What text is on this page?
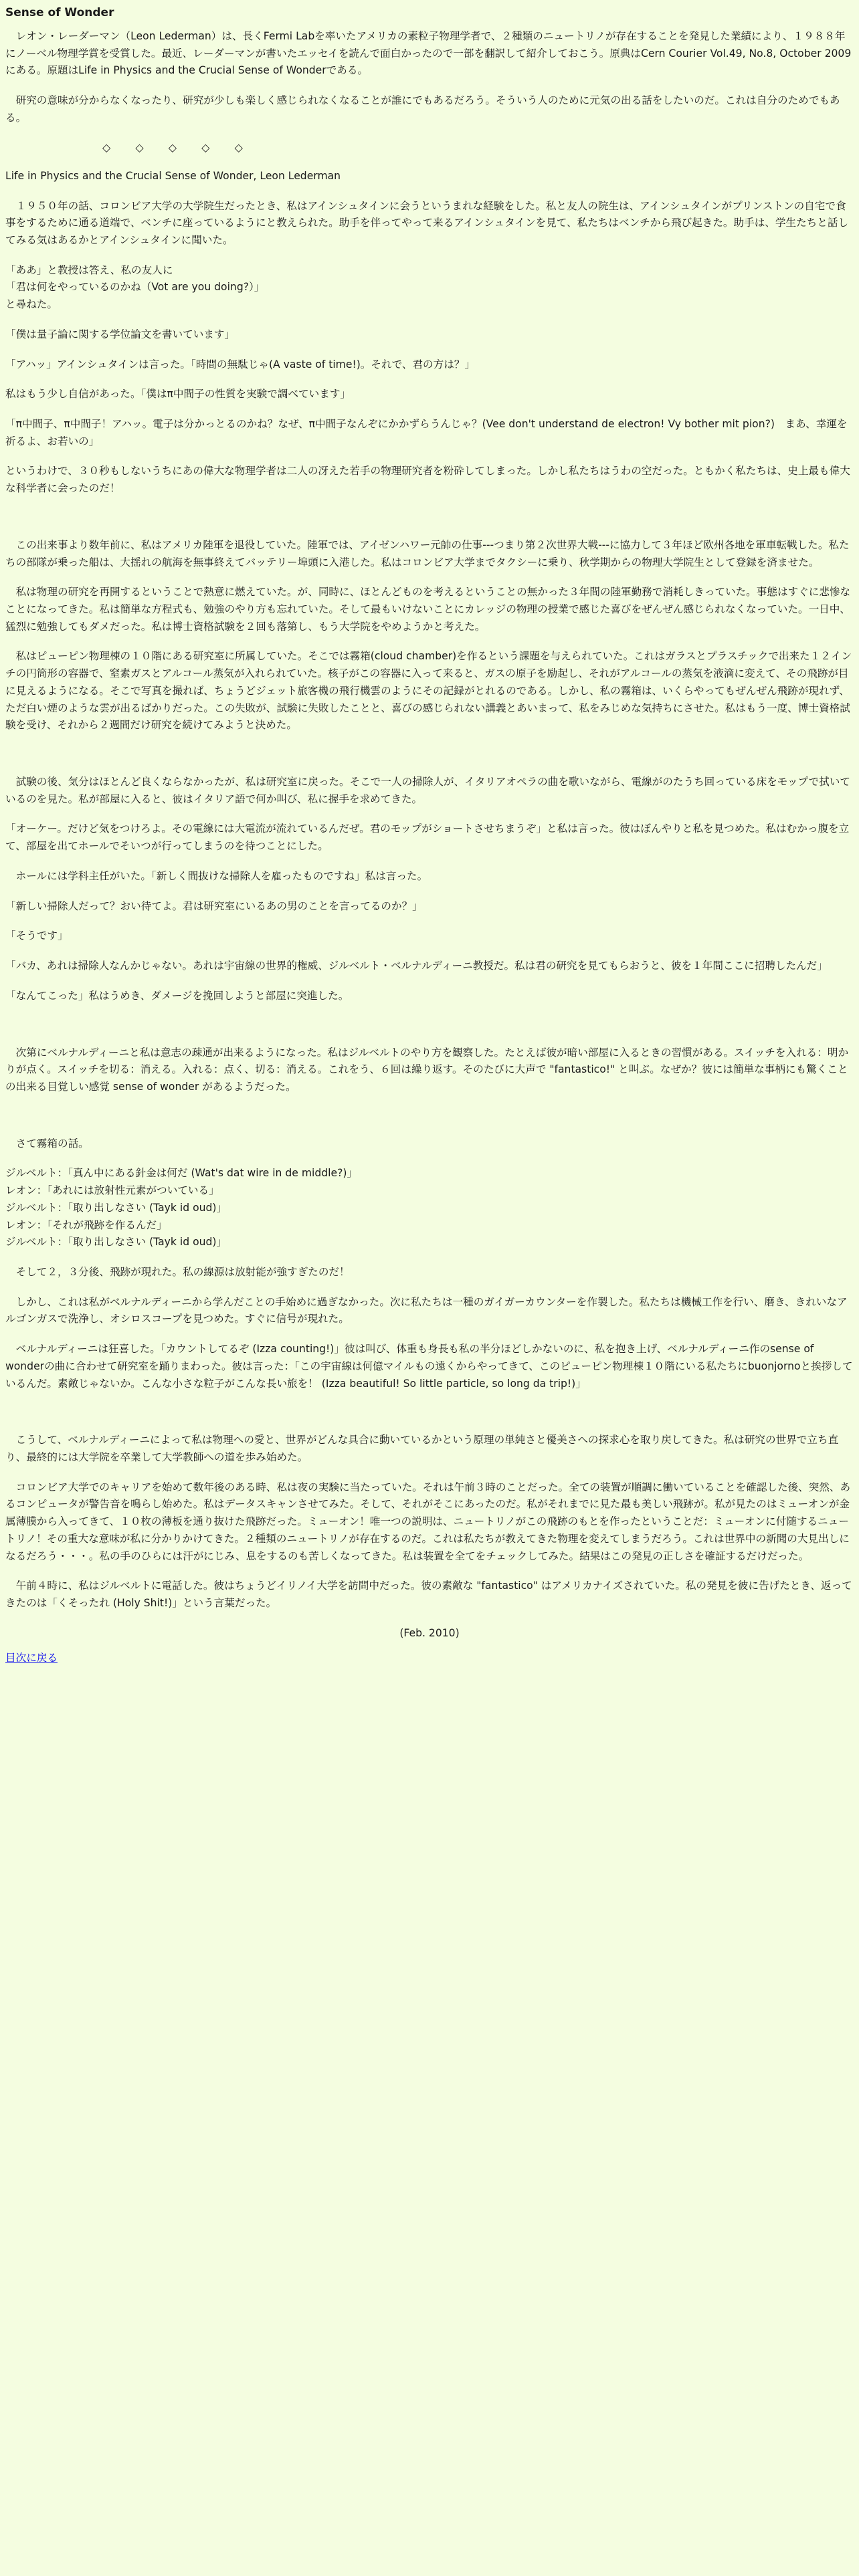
Sense of Wonder

　レオン・レーダーマン（Leon Lederman）は、長くFermi Labを率いたアメリカの素粒子物理学者で、２種類のニュートリノが存在することを発見した業績により、１９８８年にノーベル物理学賞を受賞した。最近、レーダーマンが書いたエッセイを読んで面白かったので一部を翻訳して紹介しておこう。原典はCern Courier Vol.49, No.8, October 2009にある。原題はLife in Physics and the Crucial Sense of Wonderである。

　研究の意味が分からなくなったり、研究が少しも楽しく感じられなくなることが誰にでもあるだろう。そういう人のために元気の出る話をしたいのだ。これは自分のためでもある。

◇ ◇ ◇ ◇ ◇

Life in Physics and the Crucial Sense of Wonder, Leon Lederman

　１９５０年の話、コロンビア大学の大学院生だったとき、私はアインシュタインに会うというまれな経験をした。私と友人の院生は、アインシュタインがプリンストンの自宅で食事をするために通る道端で、ベンチに座っているようにと教えられた。助手を伴ってやって来るアインシュタインを見て、私たちはベンチから飛び起きた。助手は、学生たちと話してみる気はあるかとアインシュタインに聞いた。

「ああ」と教授は答え、私の友人に
「君は何をやっているのかね（Vot are you doing?）」
と尋ねた。

「僕は量子論に関する学位論文を書いています」

「アハッ」アインシュタインは言った。「時間の無駄じゃ(A vaste of time!)。それで、君の方は？」

私はもう少し自信があった。「僕はπ中間子の性質を実験で調べています」

「π中間子、π中間子！アハッ。電子は分かっとるのかね？なぜ、π中間子なんぞにかかずらうんじゃ？(Vee don't understand de electron! Vy bother mit pion?)　まあ、幸運を祈るよ、お若いの」

というわけで、３０秒もしないうちにあの偉大な物理学者は二人の冴えた若手の物理研究者を粉砕してしまった。しかし私たちはうわの空だった。ともかく私たちは、史上最も偉大な科学者に会ったのだ！

　この出来事より数年前に、私はアメリカ陸軍を退役していた。陸軍では、アイゼンハワー元帥の仕事---つまり第２次世界大戦---に協力して３年ほど欧州各地を軍車転戦した。私たちの部隊が乗った船は、大揺れの航海を無事終えてバッテリー埠頭に入港した。私はコロンビア大学までタクシーに乗り、秋学期からの物理大学院生として登録を済ませた。

　私は物理の研究を再開するということで熱意に燃えていた。が、同時に、ほとんどものを考えるということの無かった３年間の陸軍勤務で消耗しきっていた。事態はすぐに悲惨なことになってきた。私は簡単な方程式も、勉強のやり方も忘れていた。そして最もいけないことにカレッジの物理の授業で感じた喜びをぜんぜん感じられなくなっていた。一日中、猛烈に勉強してもダメだった。私は博士資格試験を２回も落第し、もう大学院をやめようかと考えた。

　私はピューピン物理棟の１０階にある研究室に所属していた。そこでは霧箱(cloud chamber)を作るという課題を与えられていた。これはガラスとプラスチックで出来た１２インチの円筒形の容器で、窒素ガスとアルコール蒸気が入れられていた。核子がこの容器に入って来ると、ガスの原子を励起し、それがアルコールの蒸気を液滴に変えて、その飛跡が目に見えるようになる。そこで写真を撮れば、ちょうどジェット旅客機の飛行機雲のようにその記録がとれるのである。しかし、私の霧箱は、いくらやってもぜんぜん飛跡が現れず、ただ白い煙のような雲が出るばかりだった。この失敗が、試験に失敗したことと、喜びの感じられない講義とあいまって、私をみじめな気持ちにさせた。私はもう一度、博士資格試験を受け、それから２週間だけ研究を続けてみようと決めた。

　試験の後、気分はほとんど良くならなかったが、私は研究室に戻った。そこで一人の掃除人が、イタリアオペラの曲を歌いながら、電線がのたうち回っている床をモップで拭いているのを見た。私が部屋に入ると、彼はイタリア語で何か叫び、私に握手を求めてきた。

「オーケー。だけど気をつけろよ。その電線には大電流が流れているんだぜ。君のモップがショートさせちまうぞ」と私は言った。彼はぼんやりと私を見つめた。私はむかっ腹を立て、部屋を出てホールでそいつが行ってしまうのを待つことにした。

　ホールには学科主任がいた。「新しく間抜けな掃除人を雇ったものですね」私は言った。

「新しい掃除人だって？おい待てよ。君は研究室にいるあの男のことを言ってるのか？」

「そうです」

「バカ、あれは掃除人なんかじゃない。あれは宇宙線の世界的権威、ジルベルト・ベルナルディーニ教授だ。私は君の研究を見てもらおうと、彼を１年間ここに招聘したんだ」

「なんてこった」私はうめき、ダメージを挽回しようと部屋に突進した。

　次第にベルナルディーニと私は意志の疎通が出来るようになった。私はジルベルトのやり方を観察した。たとえば彼が暗い部屋に入るときの習慣がある。スイッチを入れる：明かりが点く。スイッチを切る：消える。入れる：点く、切る：消える。これをう、６回は繰り返す。そのたびに大声で "fantastico!" と叫ぶ。なぜか？彼には簡単な事柄にも驚くことの出来る目覚しい感覚 sense of wonder があるようだった。

　さて霧箱の話。

ジルベルト：「真ん中にある針金は何だ (Wat's dat wire in de middle?)」
レオン：「あれには放射性元素がついている」
ジルベルト：「取り出しなさい (Tayk id oud)」
レオン：「それが飛跡を作るんだ」
ジルベルト：「取り出しなさい (Tayk id oud)」

　そして２，３分後、飛跡が現れた。私の線源は放射能が強すぎたのだ！

　しかし、これは私がベルナルディーニから学んだことの手始めに過ぎなかった。次に私たちは一種のガイガーカウンターを作製した。私たちは機械工作を行い、磨き、きれいなアルゴンガスで洗浄し、オシロスコープを見つめた。すぐに信号が現れた。

　ベルナルディーニは狂喜した。「カウントしてるぞ (Izza counting!)」彼は叫び、体重も身長も私の半分ほどしかないのに、私を抱き上げ、ベルナルディーニ作のsense of wonderの曲に合わせて研究室を踊りまわった。彼は言った：「この宇宙線は何億マイルもの遠くからやってきて、このピューピン物理棟１０階にいる私たちにbuonjornoと挨拶しているんだ。素敵じゃないか。こんな小さな粒子がこんな長い旅を！ (Izza beautiful! So little particle, so long da trip!)」

　こうして、ベルナルディーニによって私は物理への愛と、世界がどんな具合に動いているかという原理の単純さと優美さへの探求心を取り戻してきた。私は研究の世界で立ち直り、最終的には大学院を卒業して大学教師への道を歩み始めた。

　コロンビア大学でのキャリアを始めて数年後のある時、私は夜の実験に当たっていた。それは午前３時のことだった。全ての装置が順調に働いていることを確認した後、突然、あるコンピュータが警告音を鳴らし始めた。私はデータスキャンさせてみた。そして、それがそこにあったのだ。私がそれまでに見た最も美しい飛跡が。私が見たのはミューオンが金属薄膜から入ってきて、１０枚の薄板を通り抜けた飛跡だった。ミューオン！唯一つの説明は、ニュートリノがこの飛跡のもとを作ったということだ：ミューオンに付随するニュートリノ！その重大な意味が私に分かりかけてきた。２種類のニュートリノが存在するのだ。これは私たちが教えてきた物理を変えてしまうだろう。これは世界中の新聞の大見出しになるだろう・・・。私の手のひらには汗がにじみ、息をするのも苦しくなってきた。私は装置を全てをチェックしてみた。結果はこの発見の正しさを確証するだけだった。

　午前４時に、私はジルベルトに電話した。彼はちょうどイリノイ大学を訪問中だった。彼の素敵な "fantastico" はアメリカナイズされていた。私の発見を彼に告げたとき、返ってきたのは「くそったれ (Holy Shit!)」という言葉だった。

(Feb. 2010)

目次に戻る
